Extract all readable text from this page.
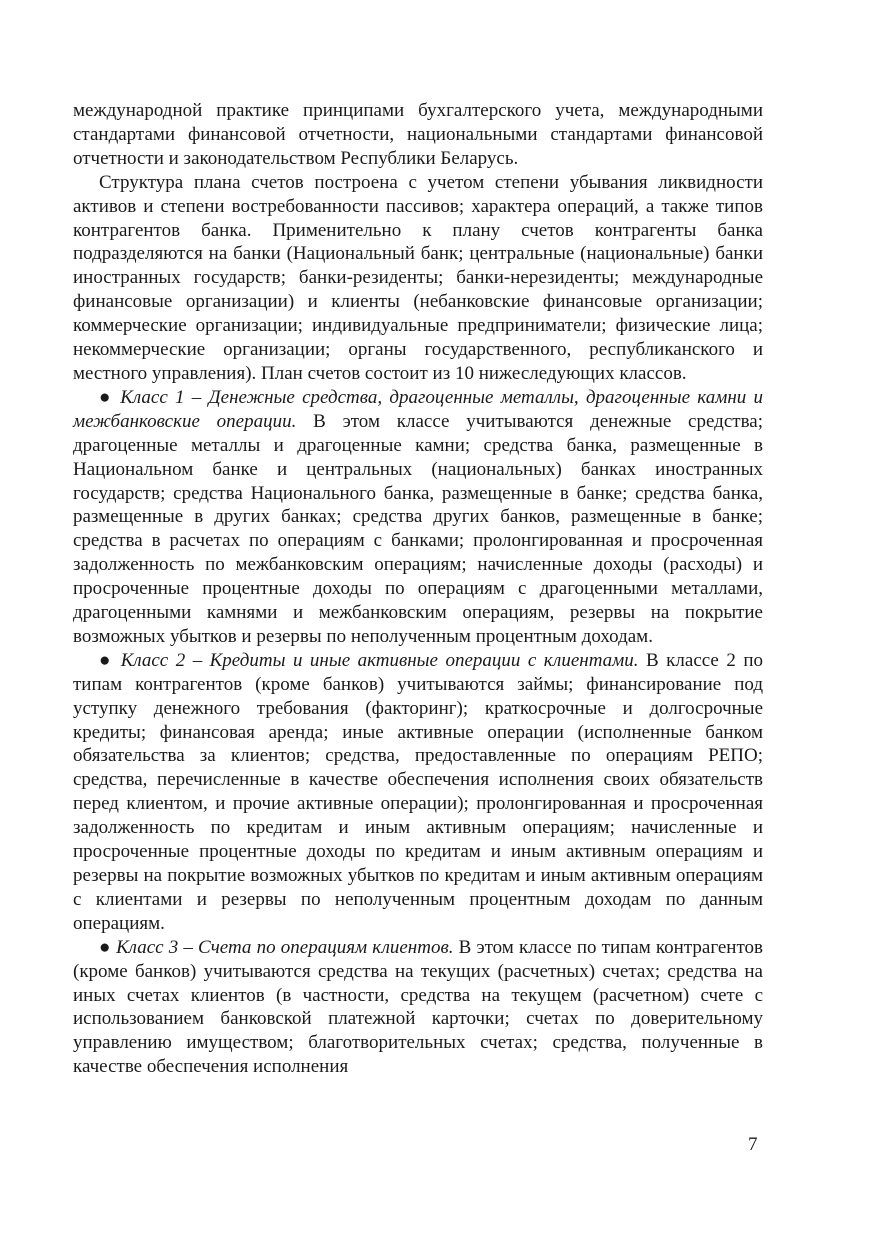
международной практике принципами бухгалтерского учета, международными стандартами финансовой отчетности, национальными стандартами финансовой отчетности и законодательством Республики Беларусь.

Структура плана счетов построена с учетом степени убывания ликвидности активов и степени востребованности пассивов; характера операций, а также типов контрагентов банка. Применительно к плану счетов контрагенты банка подразделяются на банки (Национальный банк; центральные (национальные) банки иностранных государств; банки-резиденты; банки-нерезиденты; международные финансовые организации) и клиенты (небанковские финансовые организации; коммерческие организации; индивидуальные предприниматели; физические лица; некоммерческие организации; органы государственного, республиканского и местного управления). План счетов состоит из 10 нижеследующих классов.

● Класс 1 – Денежные средства, драгоценные металлы, драгоценные камни и межбанковские операции. В этом классе учитываются денежные средства; драгоценные металлы и драгоценные камни; средства банка, размещенные в Национальном банке и центральных (национальных) банках иностранных государств; средства Национального банка, размещенные в банке; средства банка, размещенные в других банках; средства других банков, размещенные в банке; средства в расчетах по операциям с банками; пролонгированная и просроченная задолженность по межбанковским операциям; начисленные доходы (расходы) и просроченные процентные доходы по операциям с драгоценными металлами, драгоценными камнями и межбанковским операциям, резервы на покрытие возможных убытков и резервы по неполученным процентным доходам.

● Класс 2 – Кредиты и иные активные операции с клиентами. В классе 2 по типам контрагентов (кроме банков) учитываются займы; финансирование под уступку денежного требования (факторинг); краткосрочные и долгосрочные кредиты; финансовая аренда; иные активные операции (исполненные банком обязательства за клиентов; средства, предоставленные по операциям РЕПО; средства, перечисленные в качестве обеспечения исполнения своих обязательств перед клиентом, и прочие активные операции); пролонгированная и просроченная задолженность по кредитам и иным активным операциям; начисленные и просроченные процентные доходы по кредитам и иным активным операциям и резервы на покрытие возможных убытков по кредитам и иным активным операциям с клиентами и резервы по неполученным процентным доходам по данным операциям.

● Класс 3 – Счета по операциям клиентов. В этом классе по типам контрагентов (кроме банков) учитываются средства на текущих (расчетных) счетах; средства на иных счетах клиентов (в частности, средства на текущем (расчетном) счете с использованием банковской платежной карточки; счетах по доверительному управлению имуществом; благотворительных счетах; средства, полученные в качестве обеспечения исполнения

7
